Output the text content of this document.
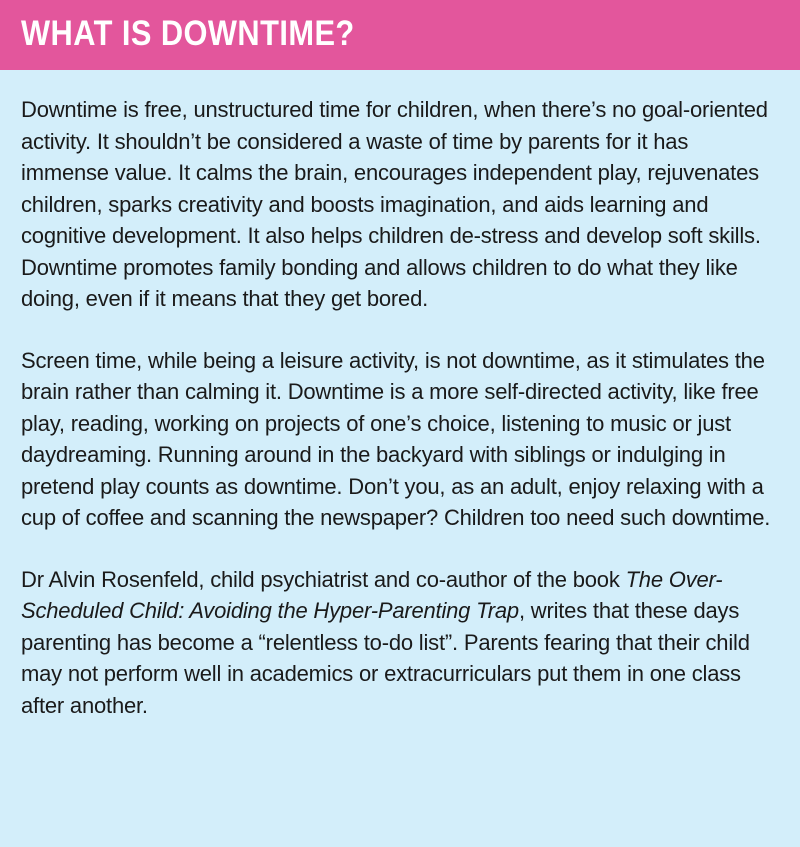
WHAT IS DOWNTIME?

Downtime is free, unstructured time for children, when there’s no goal-oriented activity. It shouldn’t be considered a waste of time by parents for it has immense value. It calms the brain, encourages independent play, rejuvenates children, sparks creativity and boosts imagination, and aids learning and cognitive development. It also helps children de-stress and develop soft skills. Downtime promotes family bonding and allows children to do what they like doing, even if it means that they get bored.

Screen time, while being a leisure activity, is not downtime, as it stimulates the brain rather than calming it. Downtime is a more self-directed activity, like free play, reading, working on projects of one’s choice, listening to music or just daydreaming. Running around in the backyard with siblings or indulging in pretend play counts as downtime. Don’t you, as an adult, enjoy relaxing with a cup of coffee and scanning the newspaper? Children too need such downtime.

Dr Alvin Rosenfeld, child psychiatrist and co-author of the book The Over-Scheduled Child: Avoiding the Hyper-Parenting Trap, writes that these days parenting has become a “relentless to-do list”. Parents fearing that their child may not perform well in academics or extracurriculars put them in one class after another.
